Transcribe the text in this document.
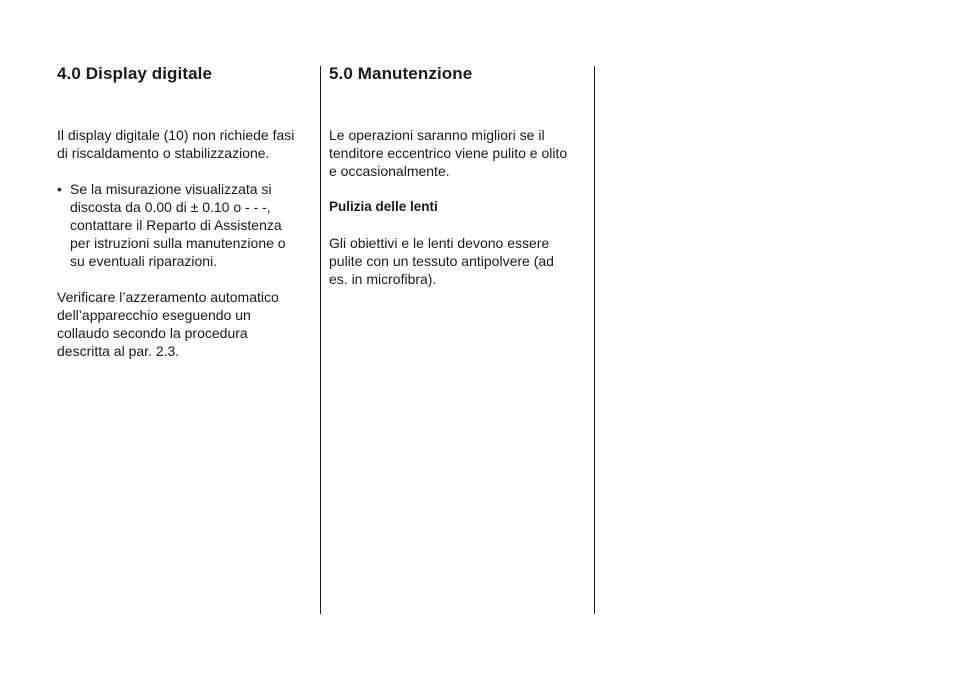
4.0 Display digitale

Il display digitale (10) non richiede fasi
di riscaldamento o stabilizzazione.

• Se la misurazione visualizzata si
discosta da 0.00 di ± 0.10 o - - -,
contattare il Reparto di Assistenza
per istruzioni sulla manutenzione o
su eventuali riparazioni.

Verificare l’azzeramento automatico
dell’apparecchio eseguendo un
collaudo secondo la procedura
descritta al par. 2.3.

5.0 Manutenzione

Le operazioni saranno migliori se il
tenditore eccentrico viene pulito e olito
e occasionalmente.

Pulizia delle lenti

Gli obiettivi e le lenti devono essere
pulite con un tessuto antipolvere (ad
es. in microfibra).
